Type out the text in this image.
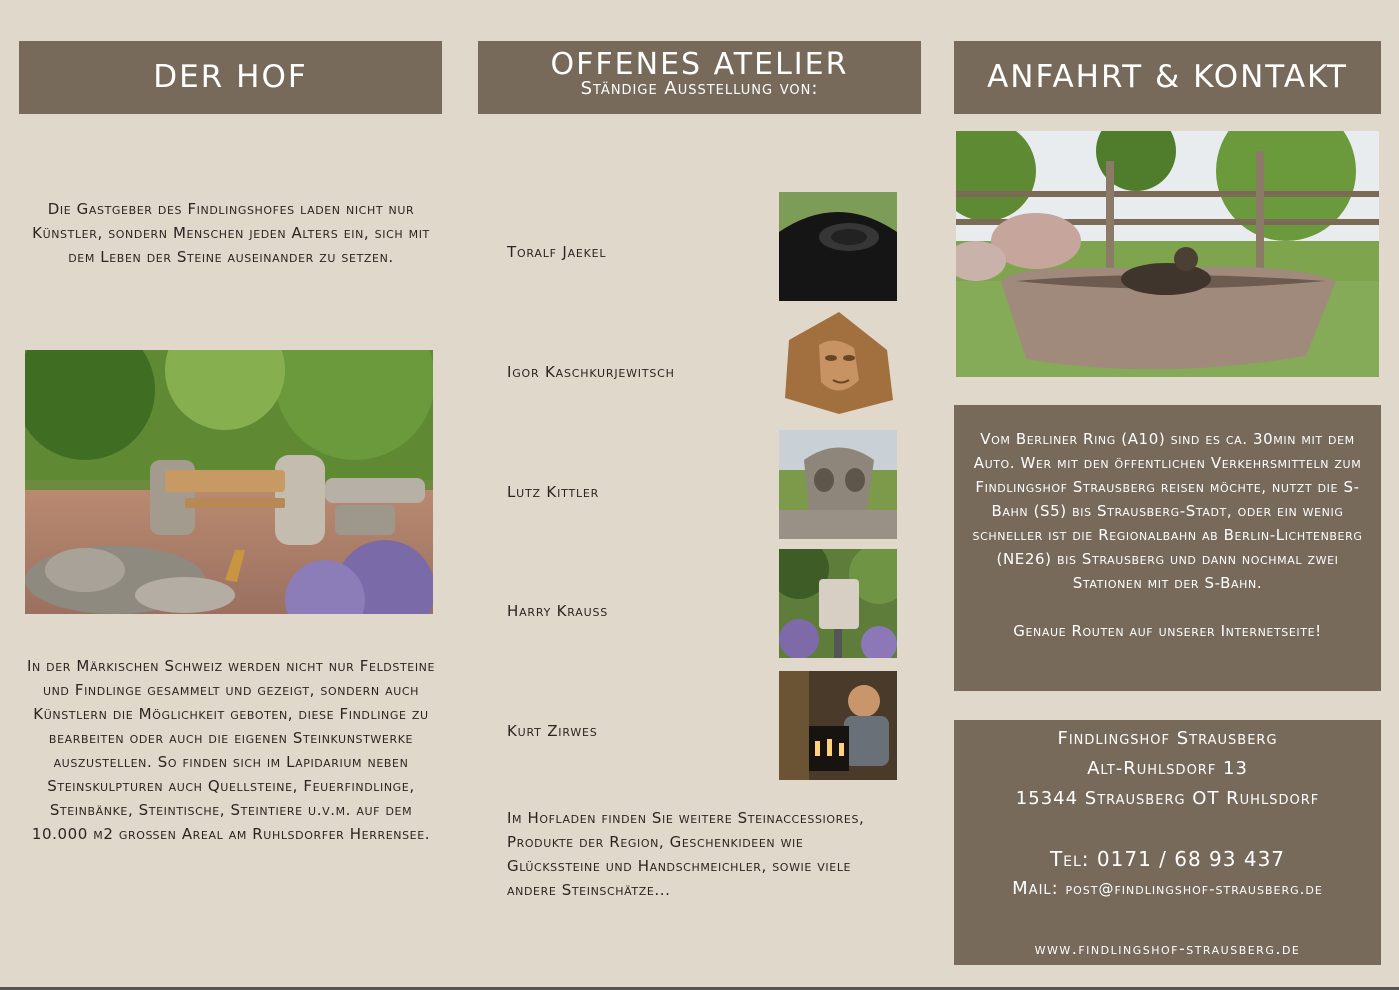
DER HOF

Die Gastgeber des Findlingshofes laden nicht nur Künstler, sondern Menschen jeden Alters ein, sich mit dem Leben der Steine auseinander zu setzen.

In der Märkischen Schweiz werden nicht nur Feldsteine und Findlinge gesammelt und gezeigt, sondern auch Künstlern die Möglichkeit geboten, diese Findlinge zu bearbeiten oder auch die eigenen Steinkunstwerke auszustellen. So finden sich im Lapidarium neben Steinskulpturen auch Quellsteine, Feuerfindlinge, Steinbänke, Steintische, Steintiere u.v.m. auf dem 10.000 m2 großen Areal am Ruhlsdorfer Herrensee.

OFFENES ATELIER
Ständige Ausstellung von:
Toralf Jaekel
Igor Kaschkurjewitsch
Lutz Kittler
Harry Krauss
Kurt Zirwes

Im Hofladen finden Sie weitere Steinaccessiores, Produkte der Region, Geschenkideen wie Glückssteine und Handschmeichler, sowie viele andere Steinschätze...

ANFAHRT & KONTAKT

Vom Berliner Ring (A10) sind es ca. 30min mit dem Auto. Wer mit den öffentlichen Verkehrsmitteln zum Findlingshof Strausberg reisen möchte, nutzt die S-Bahn (S5) bis Strausberg-Stadt, oder ein wenig schneller ist die Regionalbahn ab Berlin-Lichtenberg (NE26) bis Strausberg und dann nochmal zwei Stationen mit der S-Bahn.

Genaue Routen auf unserer Internetseite!

Findlingshof Strausberg
Alt-Ruhlsdorf 13
15344 Strausberg OT Ruhlsdorf
Tel: 0171 / 68 93 437
Mail: post@findlingshof-strausberg.de
www.findlingshof-strausberg.de
